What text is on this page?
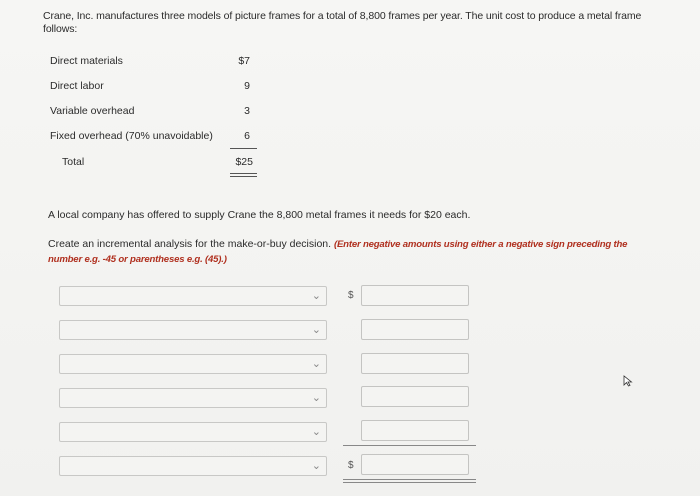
Crane, Inc. manufactures three models of picture frames for a total of 8,800 frames per year. The unit cost to produce a metal frame follows:
Direct materials	$7
Direct labor	9
Variable overhead	3
Fixed overhead (70% unavoidable)	6
Total	$25
A local company has offered to supply Crane the 8,800 metal frames it needs for $20 each.
Create an incremental analysis for the make-or-buy decision. (Enter negative amounts using either a negative sign preceding the number e.g. -45 or parentheses e.g. (45).)
⌄	$
⌄
⌄
⌄
⌄
⌄	$
